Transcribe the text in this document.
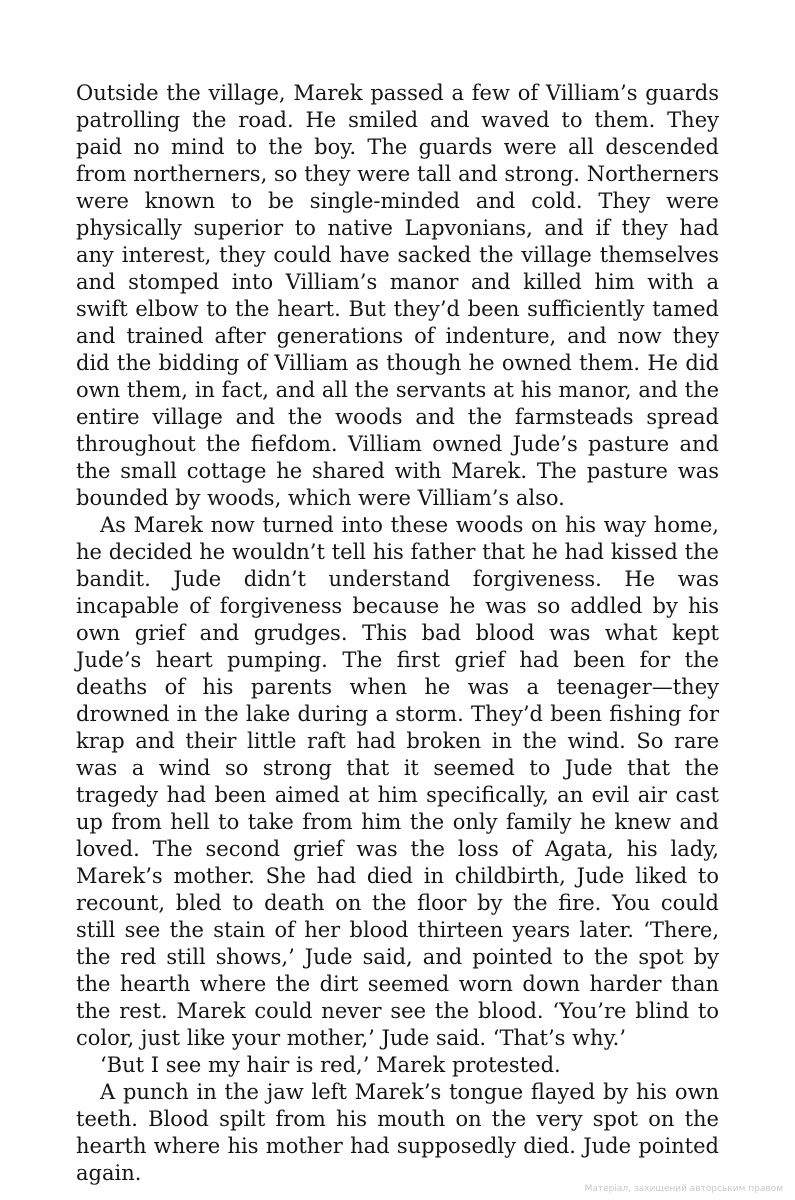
Outside the village, Marek passed a few of Villiam’s guards patrolling the road. He smiled and waved to them. They paid no mind to the boy. The guards were all descended from northerners, so they were tall and strong. Northerners were known to be single-minded and cold. They were physically superior to native Lapvonians, and if they had any interest, they could have sacked the village themselves and stomped into Villiam’s manor and killed him with a swift elbow to the heart. But they’d been sufficiently tamed and trained after generations of indenture, and now they did the bidding of Villiam as though he owned them. He did own them, in fact, and all the servants at his manor, and the entire village and the woods and the farmsteads spread throughout the fiefdom. Villiam owned Jude’s pasture and the small cottage he shared with Marek. The pasture was bounded by woods, which were Villiam’s also.

As Marek now turned into these woods on his way home, he decided he wouldn’t tell his father that he had kissed the bandit. Jude didn’t understand forgiveness. He was incapable of forgiveness because he was so addled by his own grief and grudges. This bad blood was what kept Jude’s heart pumping. The first grief had been for the deaths of his parents when he was a teenager—they drowned in the lake during a storm. They’d been fishing for krap and their little raft had broken in the wind. So rare was a wind so strong that it seemed to Jude that the tragedy had been aimed at him specifically, an evil air cast up from hell to take from him the only family he knew and loved. The second grief was the loss of Agata, his lady, Marek’s mother. She had died in childbirth, Jude liked to recount, bled to death on the floor by the fire. You could still see the stain of her blood thirteen years later. ‘There, the red still shows,’ Jude said, and pointed to the spot by the hearth where the dirt seemed worn down harder than the rest. Marek could never see the blood. ‘You’re blind to color, just like your mother,’ Jude said. ‘That’s why.’

‘But I see my hair is red,’ Marek protested.

A punch in the jaw left Marek’s tongue flayed by his own teeth. Blood spilt from his mouth on the very spot on the hearth where his mother had supposedly died. Jude pointed again.

Матеріал, захищений авторським правом
